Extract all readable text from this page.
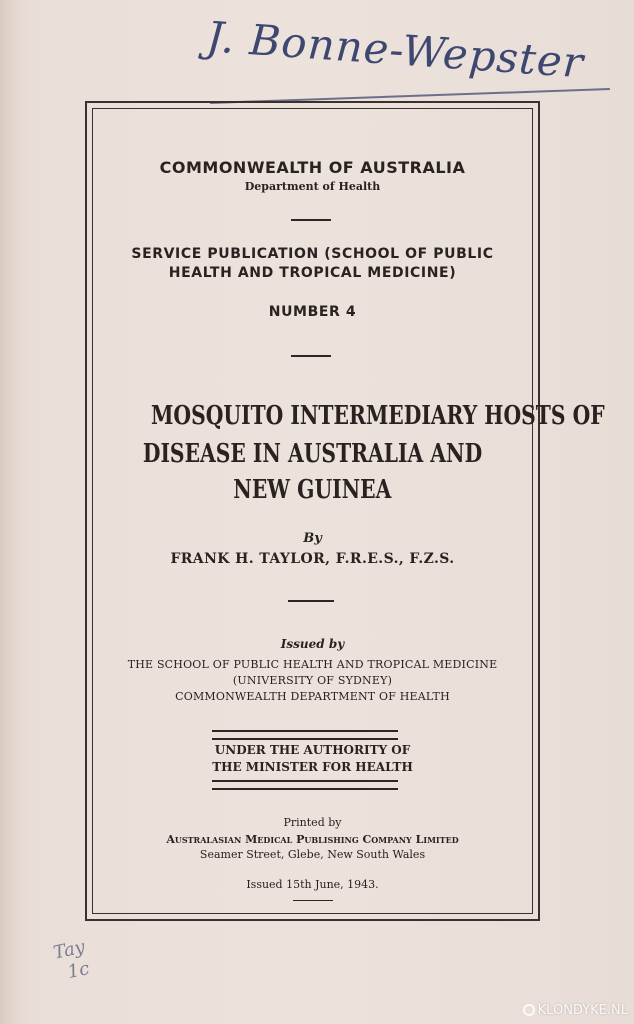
J. Bonne-Wepster
COMMONWEALTH OF AUSTRALIA
Department of Health
SERVICE PUBLICATION (SCHOOL OF PUBLIC
HEALTH AND TROPICAL MEDICINE)
NUMBER 4
MOSQUITO INTERMEDIARY HOSTS OF
DISEASE IN AUSTRALIA AND
NEW GUINEA
By
FRANK H. TAYLOR, F.R.E.S., F.Z.S.
Issued by
THE SCHOOL OF PUBLIC HEALTH AND TROPICAL MEDICINE
(UNIVERSITY OF SYDNEY)
COMMONWEALTH DEPARTMENT OF HEALTH
UNDER THE AUTHORITY OF
THE MINISTER FOR HEALTH
Printed by
Australasian Medical Publishing Company Limited
Seamer Street, Glebe, New South Wales
Issued 15th June, 1943.
Tay
1c
KLONDYKE.NL
